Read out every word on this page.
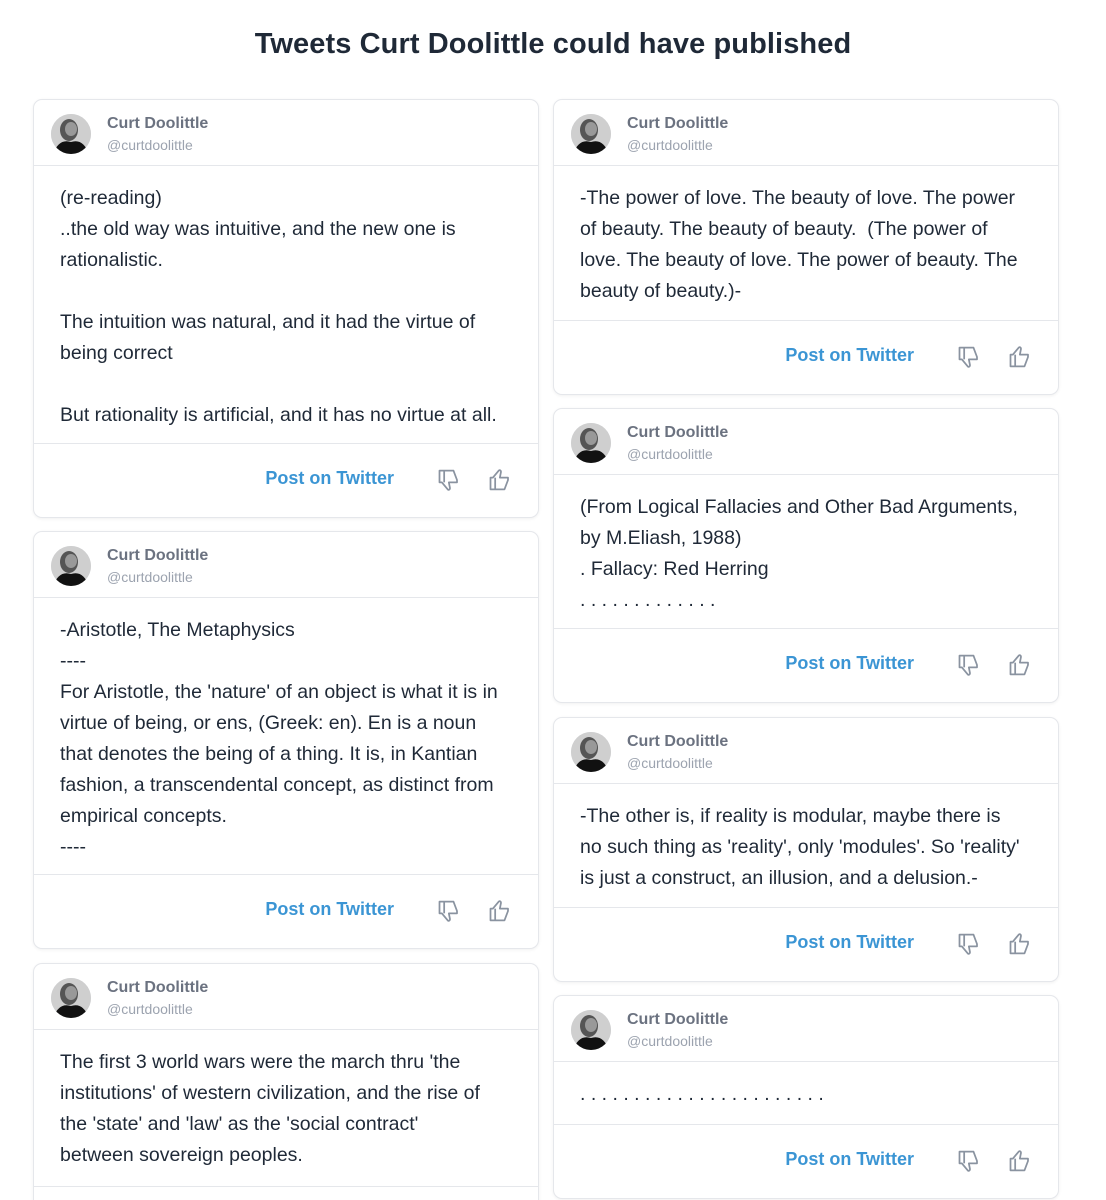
Tweets Curt Doolittle could have published
Curt Doolittle
@curtdoolittle
(re-reading)
..the old way was intuitive, and the new one is
rationalistic.

The intuition was natural, and it had the virtue of
being correct

But rationality is artificial, and it has no virtue at all.
Post on Twitter
Curt Doolittle
@curtdoolittle
-Aristotle, The Metaphysics
----
For Aristotle, the 'nature' of an object is what it is in
virtue of being, or ens, (Greek: en). En is a noun
that denotes the being of a thing. It is, in Kantian
fashion, a transcendental concept, as distinct from
empirical concepts.
----
Post on Twitter
Curt Doolittle
@curtdoolittle
The first 3 world wars were the march thru 'the
institutions' of western civilization, and the rise of
the 'state' and 'law' as the 'social contract'
between sovereign peoples.
Curt Doolittle
@curtdoolittle
-The power of love. The beauty of love. The power
of beauty. The beauty of beauty.  (The power of
love. The beauty of love. The power of beauty. The
beauty of beauty.)-
Post on Twitter
Curt Doolittle
@curtdoolittle
(From Logical Fallacies and Other Bad Arguments,
by M.Eliash, 1988)
. Fallacy: Red Herring
. . . . . . . . . . . . .
Post on Twitter
Curt Doolittle
@curtdoolittle
-The other is, if reality is modular, maybe there is
no such thing as 'reality', only 'modules'. So 'reality'
is just a construct, an illusion, and a delusion.-
Post on Twitter
Curt Doolittle
@curtdoolittle
. . . . . . . . . . . . . . . . . . . . . . .
Post on Twitter
